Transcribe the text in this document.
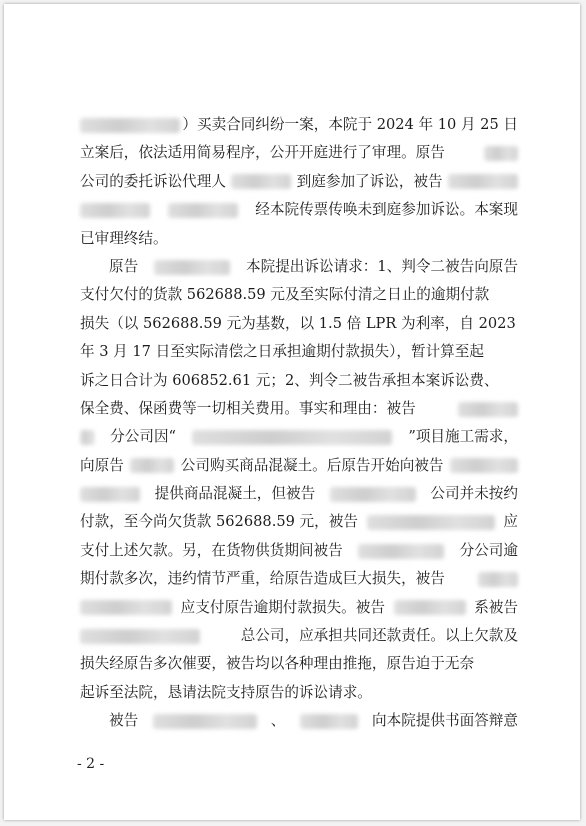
）买卖合同纠纷一案，本院于 2024 年 10 月 25 日
立案后，依法适用简易程序，公开开庭进行了审理。原告
公司的委托诉讼代理人	到庭参加了诉讼，被告
经本院传票传唤未到庭参加诉讼。本案现
已审理终结。
原告	本院提出诉讼请求：1、判令二被告向原告
支付欠付的货款 562688.59 元及至实际付清之日止的逾期付款
损失（以 562688.59 元为基数，以 1.5 倍 LPR 为利率，自 2023
年 3 月 17 日至实际清偿之日承担逾期付款损失），暂计算至起
诉之日合计为 606852.61 元；2、判令二被告承担本案诉讼费、
保全费、保函费等一切相关费用。事实和理由：被告
分公司因“	”项目施工需求，
向原告	公司购买商品混凝土。后原告开始向被告
提供商品混凝土，但被告	公司并未按约
付款，至今尚欠货款 562688.59 元，被告	应
支付上述欠款。另，在货物供货期间被告	分公司逾
期付款多次，违约情节严重，给原告造成巨大损失，被告
应支付原告逾期付款损失。被告	系被告
总公司，应承担共同还款责任。以上欠款及
损失经原告多次催要，被告均以各种理由推拖，原告迫于无奈
起诉至法院，恳请法院支持原告的诉讼请求。
被告	、	向本院提供书面答辩意
- 2 -
